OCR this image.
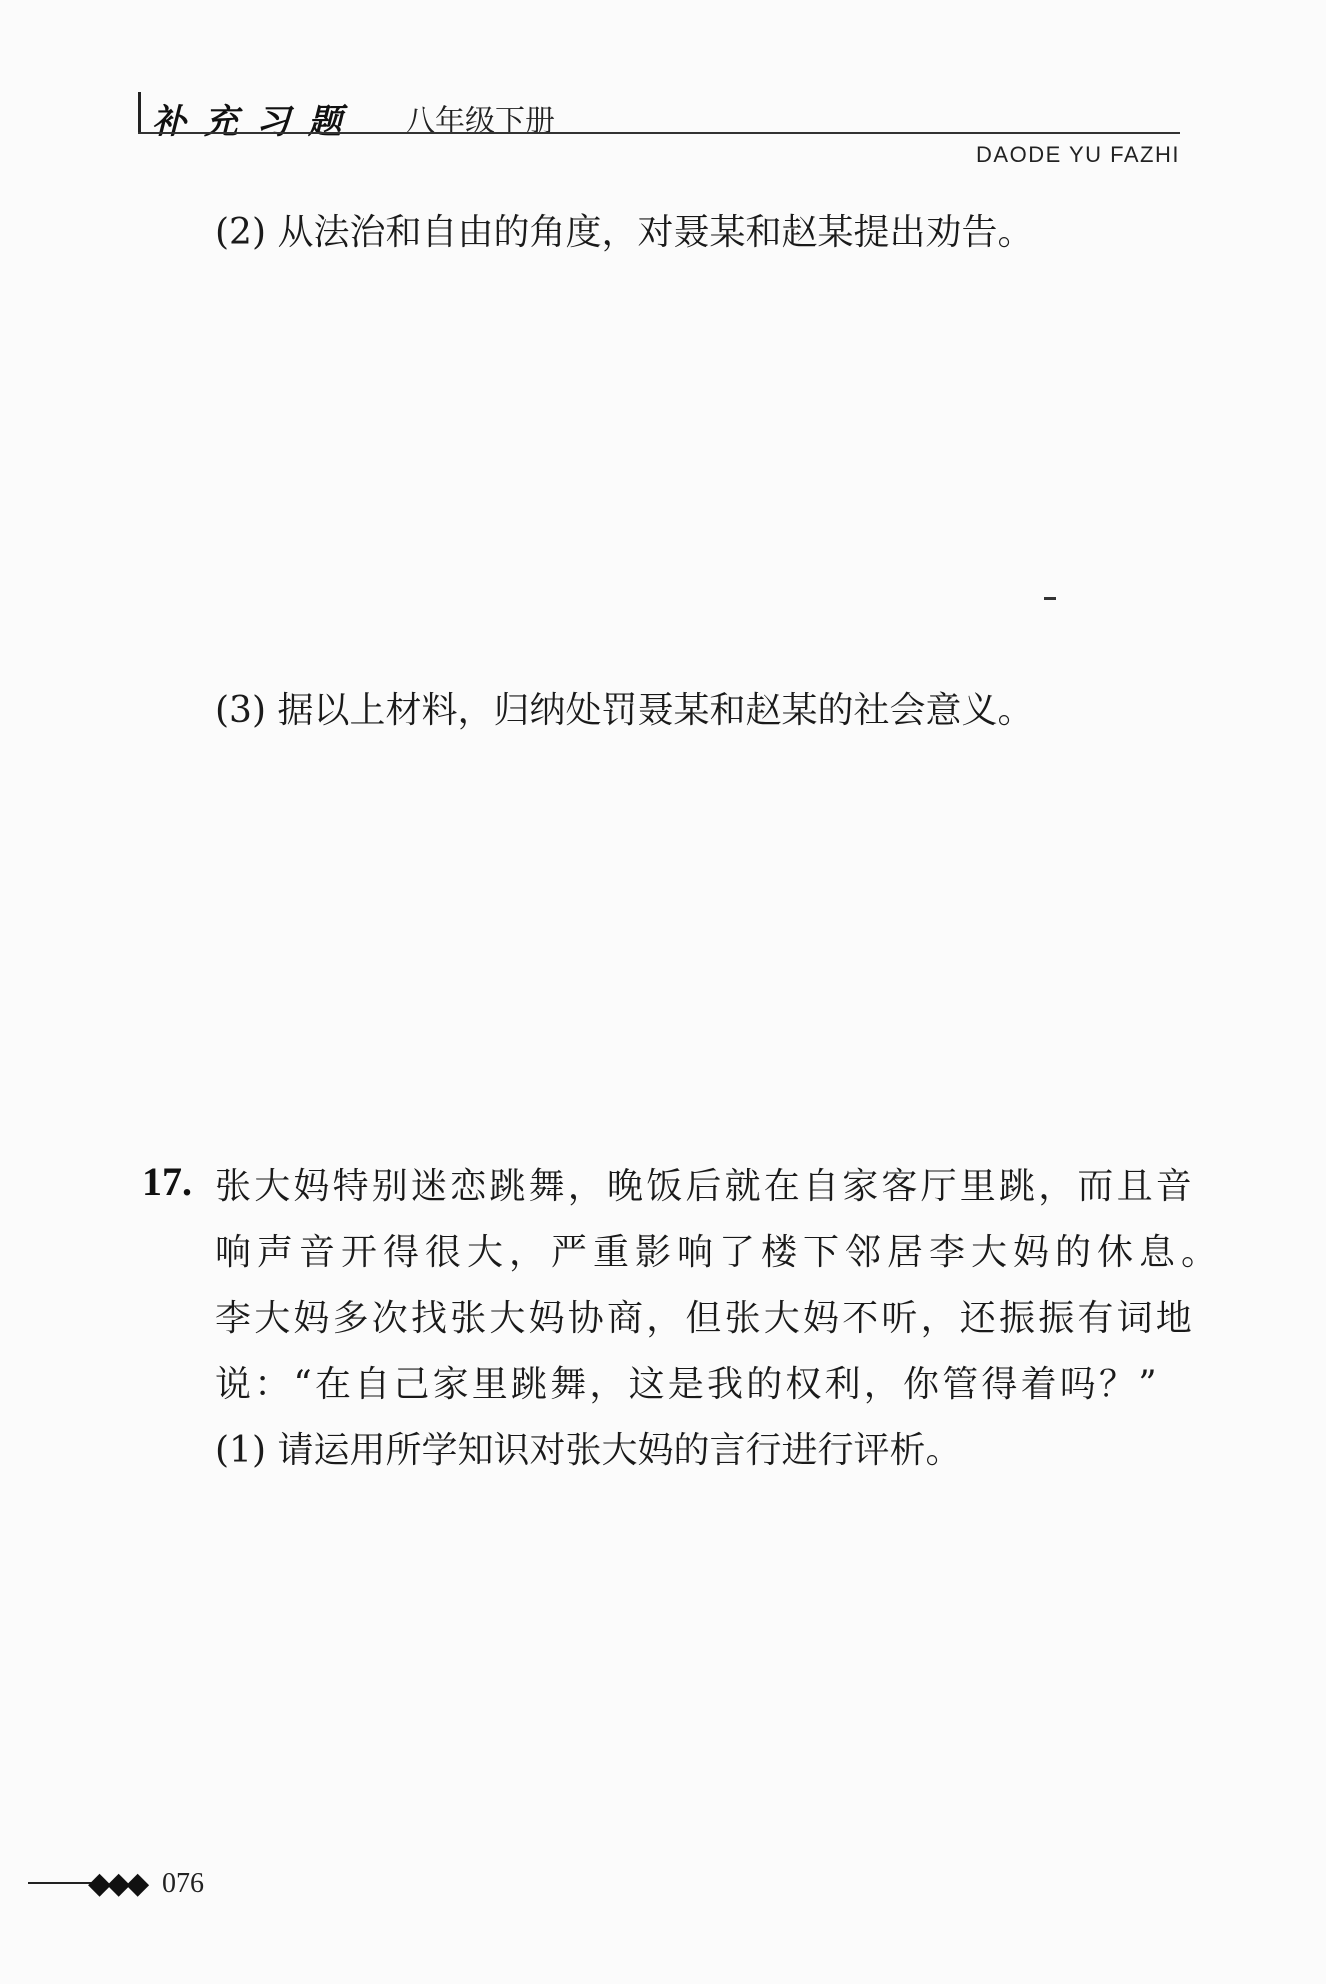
补充习题 八年级下册
DAODE YU FAZHI
(2) 从法治和自由的角度，对聂某和赵某提出劝告。
(3) 据以上材料，归纳处罚聂某和赵某的社会意义。
17. 张大妈特别迷恋跳舞，晚饭后就在自家客厅里跳，而且音
响声音开得很大，严重影响了楼下邻居李大妈的休息。
李大妈多次找张大妈协商，但张大妈不听，还振振有词地
说：“在自己家里跳舞，这是我的权利，你管得着吗？”
(1) 请运用所学知识对张大妈的言行进行评析。
◆◆◆ 076
